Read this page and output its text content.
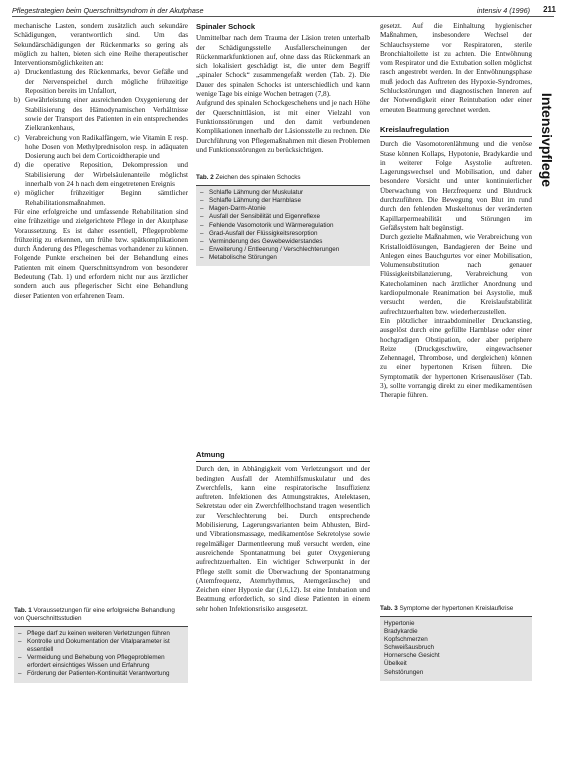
Pflegestrategien beim Querschnittsyndrom in der Akutphase	intensiv 4 (1996) 211
Intensivpflege

mechanische Lasten, sondern zusätzlich auch sekundäre Schädigungen, verantwortlich sind. Um das Sekundärschädigungen der Rückenmarks so gering als möglich zu halten, bieten sich eine Reihe therapeutischer Interventionsmöglichkeiten an:

a) Druckentlastung des Rückenmarks, bevor Gefäße und der Nervenspeichel durch mögliche frühzeitige Reposition bereits im Unfallort,
b) Gewährleistung einer ausreichenden Oxygenierung der Stabilisierung des Hämodynamischen Verhältnisse sowie der Transport des Patienten in ein entsprechendes Zielkrankenhaus,
c) Verabreichung von Radikalfängern, wie Vitamin E resp. hohe Dosen von Methylprednisolon resp. in adäquaten Dosierung auch bei dem Corticoidtherapie und
d) die operative Reposition, Dekompression und Stabilisierung der Wirbelsäulenanteile möglichst innerhalb von 24 h nach dem eingetretenen Ereignis
e) möglicher frühzeitiger Beginn sämtlicher Rehabilitationsmaßnahmen.

Für eine erfolgreiche und umfassende Rehabilitation sind eine frühzeitige und zielgerichtete Pflege in der Akutphase Voraussetzung. Es ist daher essentiell, Pflegeprobleme frühzeitig zu erkennen, um frühe bzw. spätkomplikationen durch Änderung des Pflegeschemas vorhandener zu können. Folgende Punkte erscheinen bei der Behandlung eines Patienten mit einem Querschnittsyndrom von besonderer Bedeutung (Tab. 1) und erfordern nicht nur aus ärztlicher sondern auch aus pflegerischer Sicht eine Behandlung dieser Patienten von erfahrenen Team.

Tab. 1 Voraussetzungen für eine erfolgreiche Behandlung von Querschnittsstudien
– Pflege darf zu keinen weiteren Verletzungen führen
– Kontrolle und Dokumentation der Vitalparameter ist essentiell
– Vermeidung und Behebung von Pflegeproblemen erfordert einsichtiges Wissen und Erfahrung
– Förderung der Patienten-Kontinuität Verantwortung
Spinaler Schock

Unmittelbar nach dem Trauma der Läsion treten unterhalb der Schädigungsstelle Ausfallerscheinungen der Rückenmarkfunktionen auf, ohne dass das Rückenmark an sich lokalisiert geschädigt ist, die unter dem Begriff „spinaler Schock“ zusammengefaßt werden (Tab. 2). Die Dauer des spinalen Schocks ist unterschiedlich und kann wenige Tage bis einige Wochen betragen (7,8).

Aufgrund des spinalen Schockgeschehens und je nach Höhe der Querschnittläsion, ist mit einer Vielzahl von Funktionsstörungen und den damit verbundenen Komplikationen innerhalb der Läsionsstelle zu rechnen. Die Durchführung von Pflegemaßnahmen mit diesen Problemen und Funktionsstörungen zu berücksichtigen.

Tab. 2 Zeichen des spinalen Schocks
– Schlaffe Lähmung der Muskulatur
– Schlaffe Lähmung der Harnblase
– Magen-Darm-Atonie
– Ausfall der Sensibilität und Eigenreflexe
– Fehlende Vasomotorik und Wärmeregulation
– Grad-Ausfall der Flüssigkeitsresorption
– Verminderung des Gewebewiderstandes
– Erweiterung / Entleerung / Verschlechterungen
– Metabolische Störungen
Atmung

Durch den, in Abhängigkeit vom Verletzungsort und der bedingten Ausfall der Atemhilfsmuskulatur und des Zwerchfells, kann eine respiratorische Insuffizienz auftreten. Infektionen des Atmungstraktes, Atelektasen, Sekretstau oder ein Zwerchfellhochstand tragen wesentlich zur Verschlechterung bei. Durch entsprechende Mobilisierung, Lagerungsvarianten beim Abhusten, Bird- und Vibrationsmassage, medikamentöse Sekretolyse sowie regelmäßiger Darmentleerung muß versucht werden, eine ausreichende Spontanatmung bei guter Oxygenierung aufrechtzuerhalten. Ein wichtiger Schwerpunkt in der Pflege stellt somit die Überwachung der Spontanatmung (Atemfrequenz, Atemrhythmus, Atemgeräusche) und Zeichen einer Hypoxie dar (1,6,12). Ist eine Intubation und Beatmung erforderlich, so sind diese Patienten in einem sehr hohen Infektionsrisiko ausgesetzt.

gesetzt. Auf die Einhaltung hygienischer Maßnahmen, insbesondere Wechsel der Schlauchsysteme vor Respiratoren, sterile Bronchialtoilette ist zu achten. Die Entwöhnung vom Respirator und die Extubation sollen möglichst rasch angestrebt werden. In der Entwöhnungsphase muß jedoch das Auftreten des Hypoxie-Syndromes, Schluckstörungen und diagnostischen Inneren auf der Notwendigkeit einer Reintubation oder einer erneuten Beatmung gerechnet werden.

Kreislaufregulation

Durch die Vasomotorenlähmung und die venöse Stase können Kollaps, Hypotonie, Bradykardie und in weiterer Folge Asystolie auftreten. Lagerungswechsel und Mobilisation, und daher besondere Vorsicht und unter kontinuierlicher Überwachung von Herzfrequenz und Blutdruck durchzuführen. Die Bewegung von Blut im rund durch den fehlenden Muskeltonus der veränderten Kapillarpermeabilität und Störungen im Gefäßsystem halt begünstigt.

Durch gezielte Maßnahmen, wie Verabreichung von Kristalloidlösungen, Bandagieren der Beine und Anlegen eines Bauchgurtes vor einer Mobilisation, Volumensubstitution nach genauer Flüssigkeitsbilanzierung, Verabreichung von Katecholaminen nach ärztlicher Anordnung und kardiopulmonale Reanimation bei Asystolie, muß versucht werden, die Kreislaufstabilität aufrechtzuerhalten bzw. wiederherzustellen.

Ein plötzlicher intraabdomineller Druckanstieg, ausgelöst durch eine gefüllte Harnblase oder einer hochgradigen Obstipation, oder aber periphere Reize (Druckgeschwüre, eingewachsener Zehennagel, Thrombose, und dergleichen) können zu einer hypertonen Krisen führen. Die Symptomatik der hypertonen Krisenauslöser (Tab. 3), sollte vorrangig direkt zu einer medikamentösen Therapie führen.

Tab. 3 Symptome der hypertonen Kreislaufkrise
Hypertonie
Bradykardie
Kopfschmerzen
Schweißausbruch
Hornersche Gesicht
Übelkeit
Sehstörungen
